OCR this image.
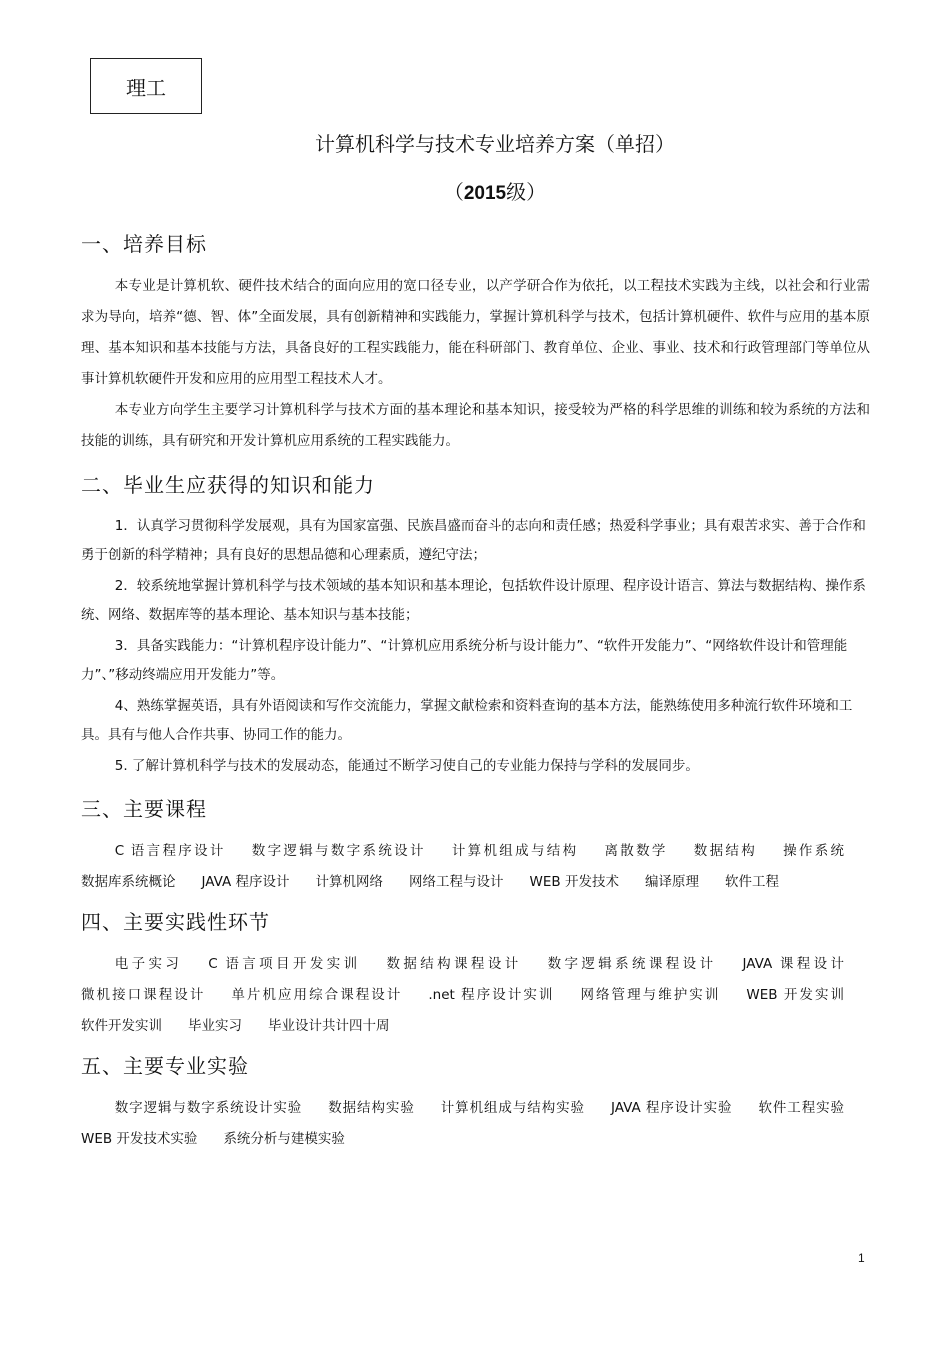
理工
计算机科学与技术专业培养方案（单招）
（2015级）
一、培养目标

本专业是计算机软、硬件技术结合的面向应用的宽口径专业，以产学研合作为依托，以工程技术实践为主线，以社会和行业需求为导向，培养“德、智、体”全面发展，具有创新精神和实践能力，掌握计算机科学与技术，包括计算机硬件、软件与应用的基本原理、基本知识和基本技能与方法，具备良好的工程实践能力，能在科研部门、教育单位、企业、事业、技术和行政管理部门等单位从事计算机软硬件开发和应用的应用型工程技术人才。

本专业方向学生主要学习计算机科学与技术方面的基本理论和基本知识，接受较为严格的科学思维的训练和较为系统的方法和技能的训练，具有研究和开发计算机应用系统的工程实践能力。

二、毕业生应获得的知识和能力
1．认真学习贯彻科学发展观，具有为国家富强、民族昌盛而奋斗的志向和责任感；热爱科学事业；具有艰苦求实、善于合作和勇于创新的科学精神；具有良好的思想品德和心理素质，遵纪守法；
2．较系统地掌握计算机科学与技术领域的基本知识和基本理论，包括软件设计原理、程序设计语言、算法与数据结构、操作系统、网络、数据库等的基本理论、基本知识与基本技能；
3．具备实践能力：“计算机程序设计能力”、“计算机应用系统分析与设计能力”、“软件开发能力”、“网络软件设计和管理能力”、”移动终端应用开发能力”等。
4、熟练掌握英语，具有外语阅读和写作交流能力，掌握文献检索和资料查询的基本方法，能熟练使用多种流行软件环境和工具。具有与他人合作共事、协同工作的能力。
5. 了解计算机科学与技术的发展动态，能通过不断学习使自己的专业能力保持与学科的发展同步。
三、主要课程
C 语言程序设计 数字逻辑与数字系统设计 计算机组成与结构 离散数学 数据结构 操作系统数据库系统概论 JAVA 程序设计 计算机网络 网络工程与设计 WEB 开发技术 编译原理 软件工程
四、主要实践性环节
电子实习 C 语言项目开发实训 数据结构课程设计 数字逻辑系统课程设计 JAVA 课程设计微机接口课程设计 单片机应用综合课程设计 .net 程序设计实训 网络管理与维护实训 WEB 开发实训软件开发实训 毕业实习 毕业设计共计四十周
五、主要专业实验
数字逻辑与数字系统设计实验 数据结构实验 计算机组成与结构实验 JAVA 程序设计实验 软件工程实验WEB 开发技术实验 系统分析与建模实验
1
